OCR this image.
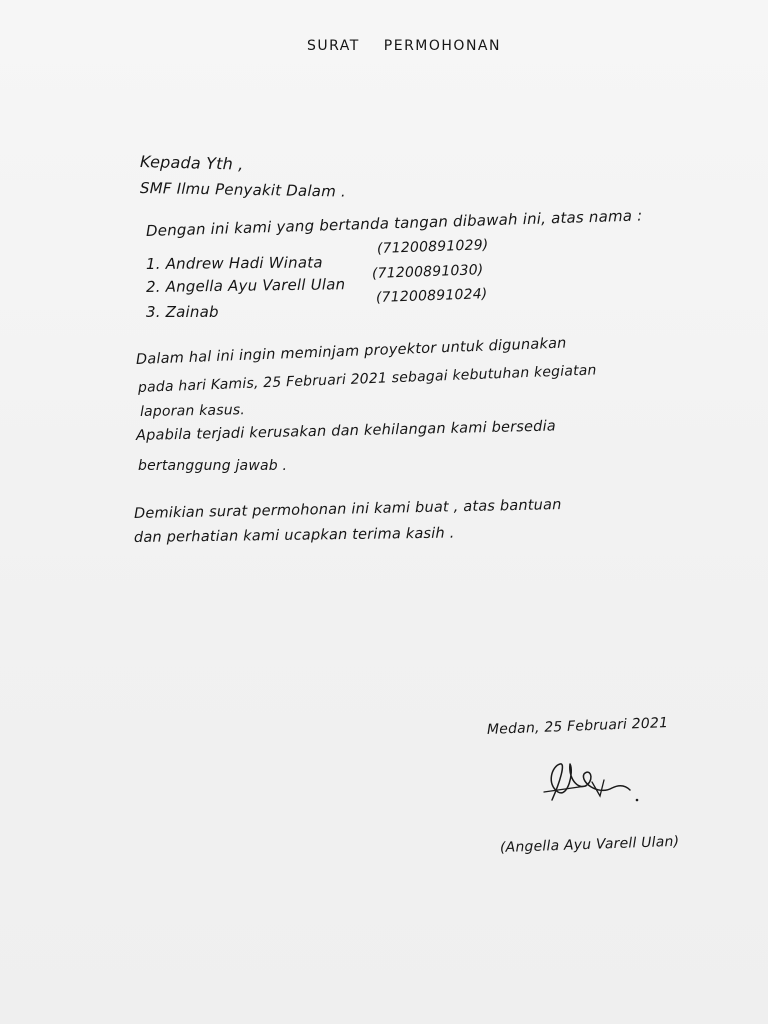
SURAT PERMOHONAN
Kepada Yth ,
SMF Ilmu Penyakit Dalam .
Dengan ini kami yang bertanda tangan dibawah ini, atas nama :
1. Andrew Hadi Winata
(71200891029)
2. Angella Ayu Varell Ulan
(71200891030)
3. Zainab
(71200891024)
Dalam hal ini ingin meminjam proyektor untuk digunakan
pada hari Kamis, 25 Februari 2021 sebagai kebutuhan kegiatan
laporan kasus.
Apabila terjadi kerusakan dan kehilangan kami bersedia
bertanggung jawab .
Demikian surat permohonan ini kami buat , atas bantuan
dan perhatian kami ucapkan terima kasih .
Medan, 25 Februari 2021
(Angella Ayu Varell Ulan)
